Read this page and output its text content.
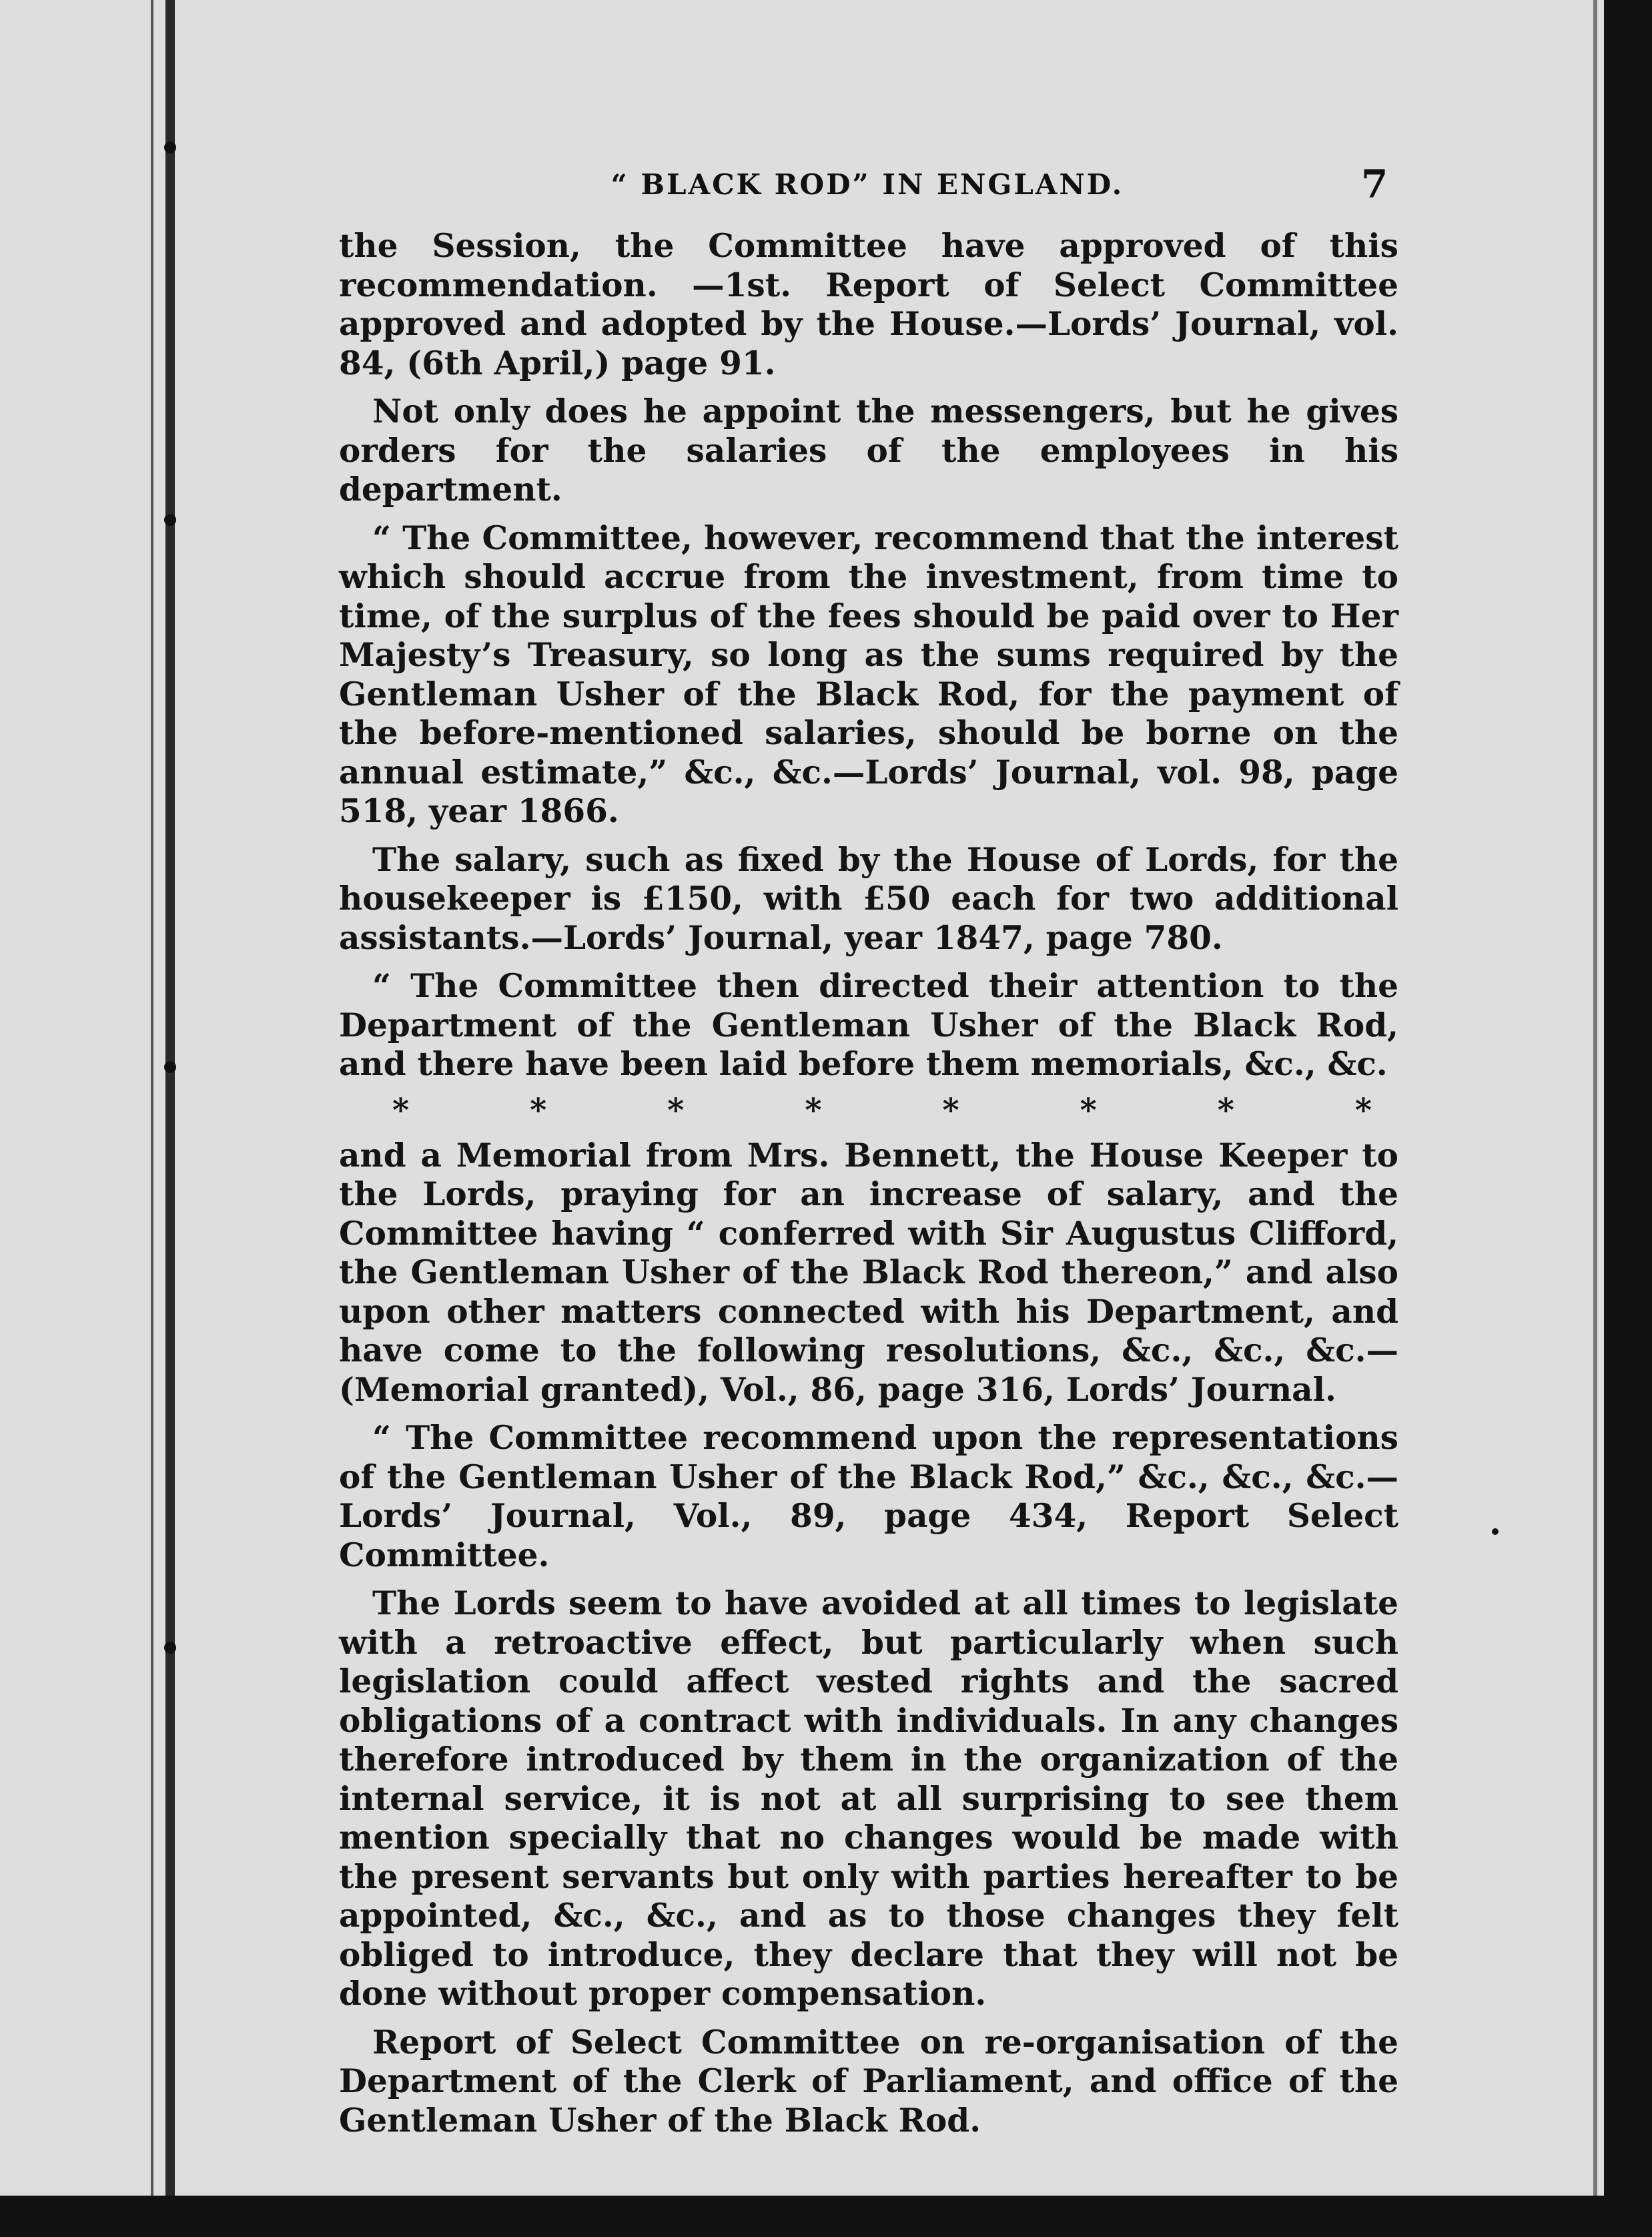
“ BLACK ROD” IN ENGLAND.	7

the Session, the Committee have approved of this recommendation. —1st. Report of Select Committee approved and adopted by the House.—Lords’ Journal, vol. 84, (6th April,) page 91.

Not only does he appoint the messengers, but he gives orders for the salaries of the employees in his department.

“ The Committee, however, recommend that the interest which should accrue from the investment, from time to time, of the surplus of the fees should be paid over to Her Majesty’s Treasury, so long as the sums required by the Gentleman Usher of the Black Rod, for the payment of the before-mentioned salaries, should be borne on the annual estimate,” &c., &c.—Lords’ Journal, vol. 98, page 518, year 1866.

The salary, such as fixed by the House of Lords, for the housekeeper is £150, with £50 each for two additional assistants.—Lords’ Journal, year 1847, page 780.

“ The Committee then directed their attention to the Department of the Gentleman Usher of the Black Rod, and there have been laid before them memorials, &c., &c.

*	*	*	*	*	*	*	*

and a Memorial from Mrs. Bennett, the House Keeper to the Lords, praying for an increase of salary, and the Committee having “ conferred with Sir Augustus Clifford, the Gentleman Usher of the Black Rod thereon,” and also upon other matters connected with his Department, and have come to the following resolutions, &c., &c., &c.—(Memorial granted), Vol., 86, page 316, Lords’ Journal.

“ The Committee recommend upon the representations of the Gentleman Usher of the Black Rod,” &c., &c., &c.—Lords’ Journal, Vol., 89, page 434, Report Select Committee.

The Lords seem to have avoided at all times to legislate with a retroactive effect, but particularly when such legislation could affect vested rights and the sacred obligations of a contract with individuals. In any changes therefore introduced by them in the organization of the internal service, it is not at all surprising to see them mention specially that no changes would be made with the present servants but only with parties hereafter to be appointed, &c., &c., and as to those changes they felt obliged to introduce, they declare that they will not be done without proper compensation.

Report of Select Committee on re-organisation of the Department of the Clerk of Parliament, and office of the Gentleman Usher of the Black Rod.
